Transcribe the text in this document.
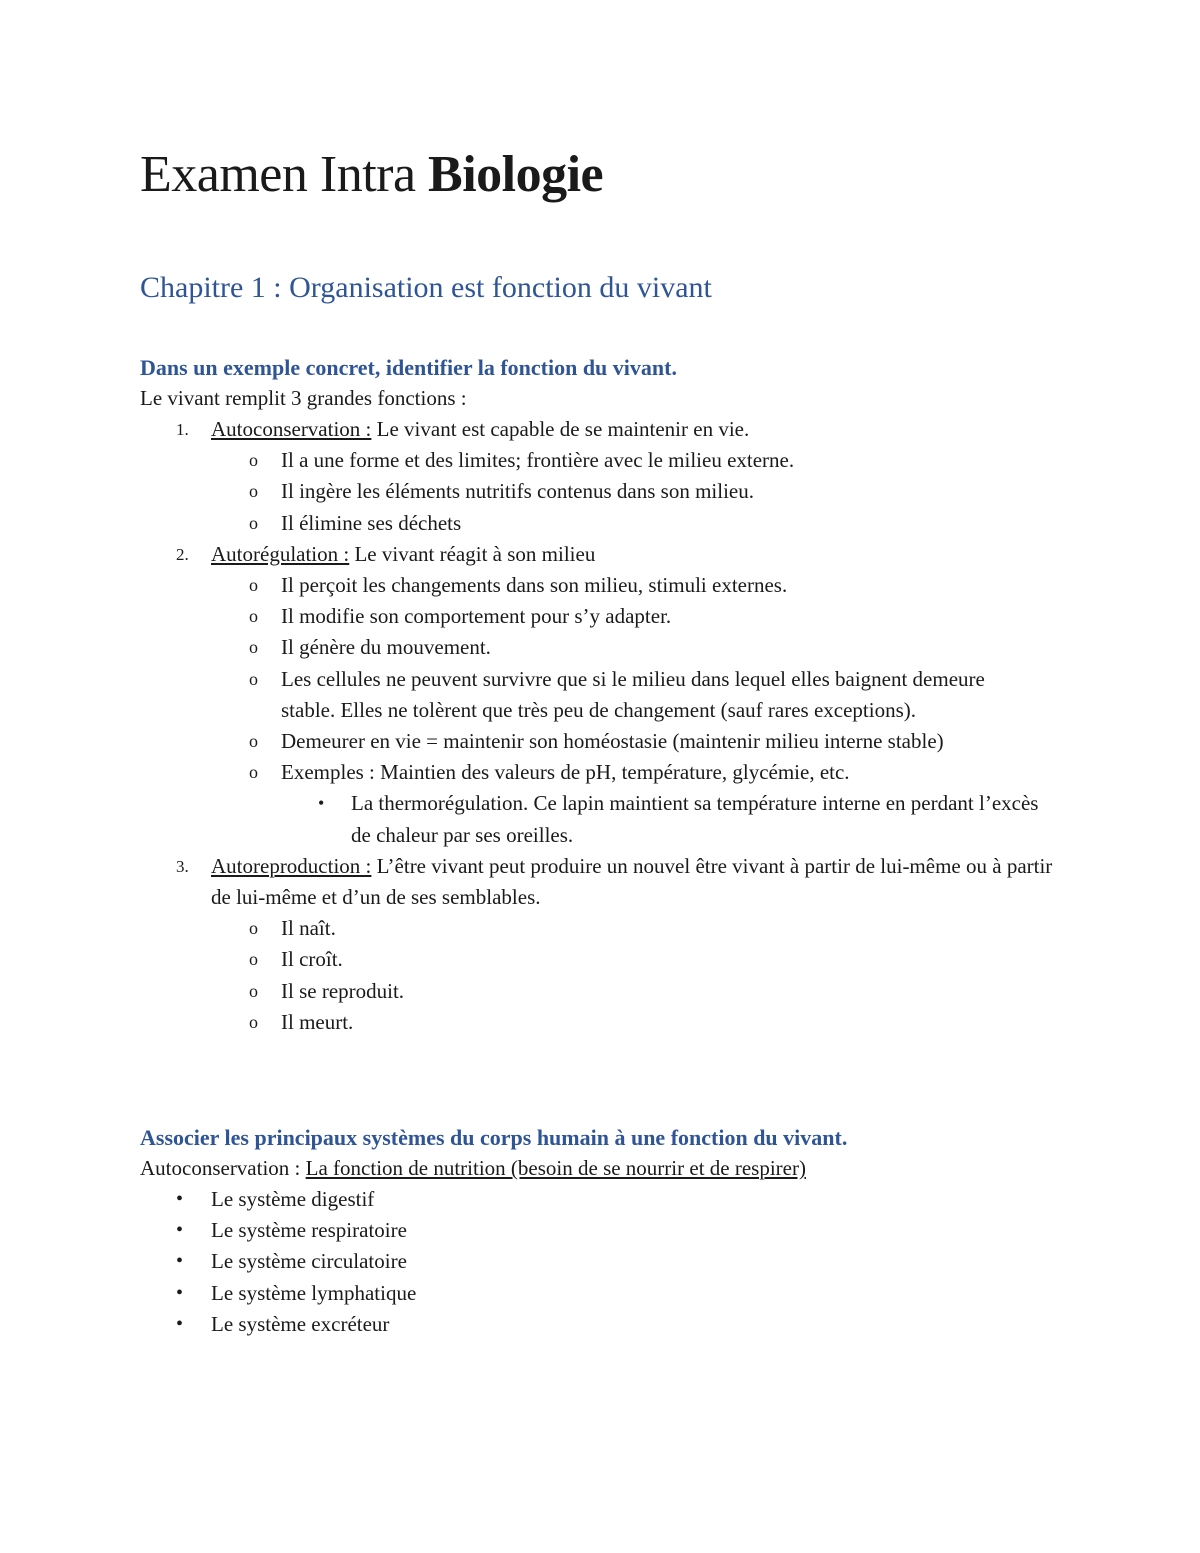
Examen Intra Biologie
Chapitre 1 : Organisation est fonction du vivant

Dans un exemple concret, identifier la fonction du vivant.

Le vivant remplit 3 grandes fonctions :

1. Autoconservation : Le vivant est capable de se maintenir en vie.
o Il a une forme et des limites; frontière avec le milieu externe.
o Il ingère les éléments nutritifs contenus dans son milieu.
o Il élimine ses déchets
2. Autorégulation : Le vivant réagit à son milieu
o Il perçoit les changements dans son milieu, stimuli externes.
o Il modifie son comportement pour s’y adapter.
o Il génère du mouvement.
o Les cellules ne peuvent survivre que si le milieu dans lequel elles baignent demeure stable. Elles ne tolèrent que très peu de changement (sauf rares exceptions).
o Demeurer en vie = maintenir son homéostasie (maintenir milieu interne stable)
o Exemples : Maintien des valeurs de pH, température, glycémie, etc.
• La thermorégulation. Ce lapin maintient sa température interne en perdant l’excès de chaleur par ses oreilles.
3. Autoreproduction : L’être vivant peut produire un nouvel être vivant à partir de lui-même ou à partir de lui-même et d’un de ses semblables.
o Il naît.
o Il croît.
o Il se reproduit.
o Il meurt.

Associer les principaux systèmes du corps humain à une fonction du vivant.

Autoconservation : La fonction de nutrition (besoin de se nourrir et de respirer)

• Le système digestif
• Le système respiratoire
• Le système circulatoire
• Le système lymphatique
• Le système excréteur
